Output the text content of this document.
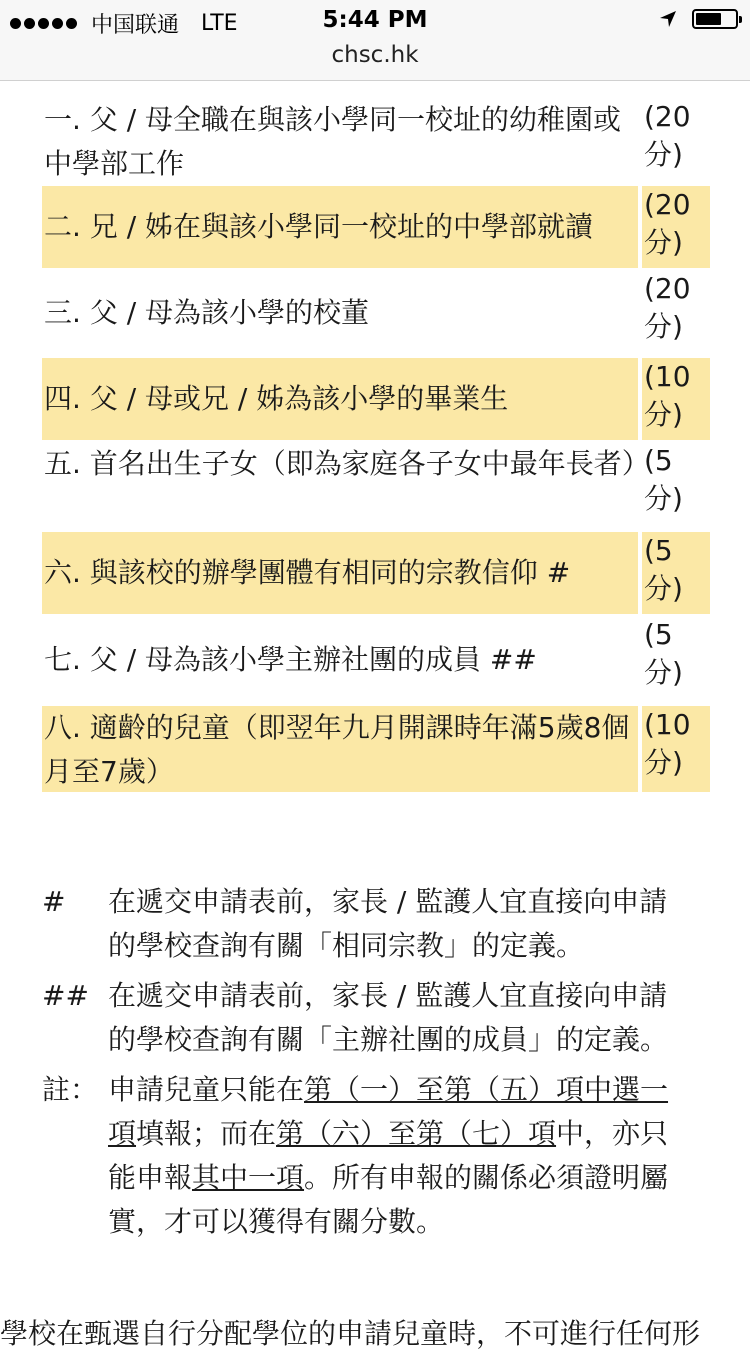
中国联通 LTE	5:44 PM
chsc.hk
一. 父 / 母全職在與該小學同一校址的幼稚園或中學部工作
(20
分)
二. 兄 / 姊在與該小學同一校址的中學部就讀
(20
分)
三. 父 / 母為該小學的校董
(20
分)
四. 父 / 母或兄 / 姊為該小學的畢業生
(10
分)
五. 首名出生子女（即為家庭各子女中最年長者）
(5
分)
六. 與該校的辦學團體有相同的宗教信仰 #
(5
分)
七. 父 / 母為該小學主辦社團的成員 ##
(5
分)
八. 適齡的兒童（即翌年九月開課時年滿5歲8個月至7歲）
(10
分)
#	在遞交申請表前，家長 / 監護人宜直接向申請的學校查詢有關「相同宗教」的定義。
## 在遞交申請表前，家長 / 監護人宜直接向申請的學校查詢有關「主辦社團的成員」的定義。
註： 申請兒童只能在第（一）至第（五）項中選一項填報；而在第（六）至第（七）項中，亦只能申報其中一項。所有申報的關係必須證明屬實，才可以獲得有關分數。
學校在甄選自行分配學位的申請兒童時，不可進行任何形
